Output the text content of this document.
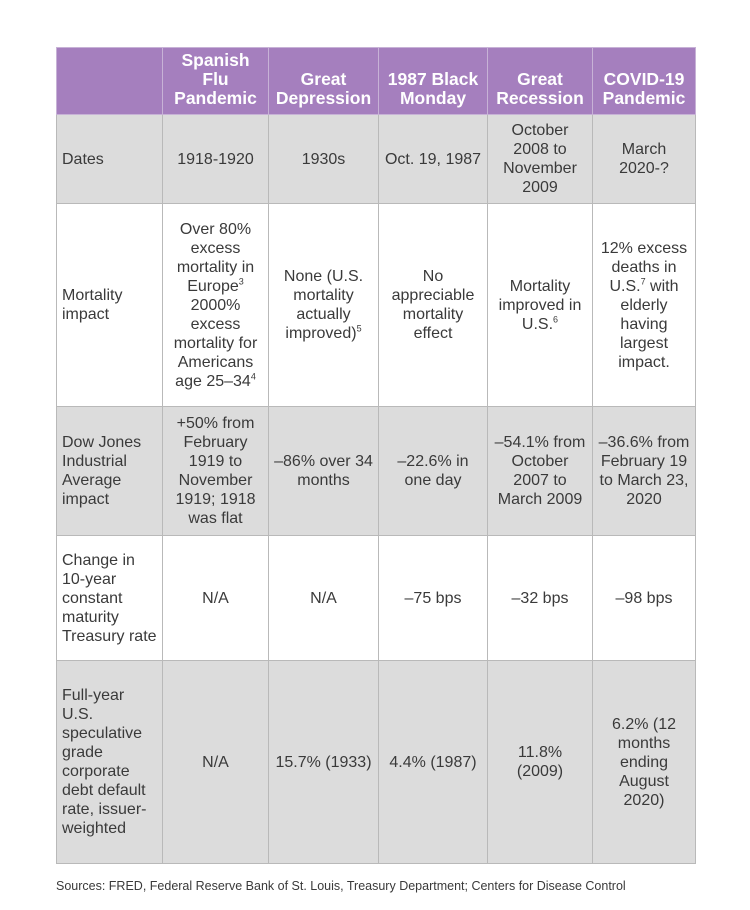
	Spanish Flu Pandemic	Great Depression	1987 Black Monday	Great Recession	COVID-19 Pandemic
Dates	1918-1920	1930s	Oct. 19, 1987	October 2008 to November 2009	March 2020-?
Mortality impact	Over 80% excess mortality in Europe$^3$ 2000% excess mortality for Americans age 25–34$^4$	None (U.S. mortality actually improved)$^5$	No appreciable mortality effect	Mortality improved in U.S.$^6$	12% excess deaths in U.S.$^7$ with elderly having largest impact.
Dow Jones Industrial Average impact	+50% from February 1919 to November 1919; 1918 was flat	–86% over 34 months	–22.6% in one day	–54.1% from October 2007 to March 2009	–36.6% from February 19 to March 23, 2020
Change in 10-year constant maturity Treasury rate	N/A	N/A	–75 bps	–32 bps	–98 bps
Full-year U.S. speculative grade corporate debt default rate, issuer-weighted	N/A	15.7% (1933)	4.4% (1987)	11.8% (2009)	6.2% (12 months ending August 2020)
Sources: FRED, Federal Reserve Bank of St. Louis, Treasury Department; Centers for Disease Control
